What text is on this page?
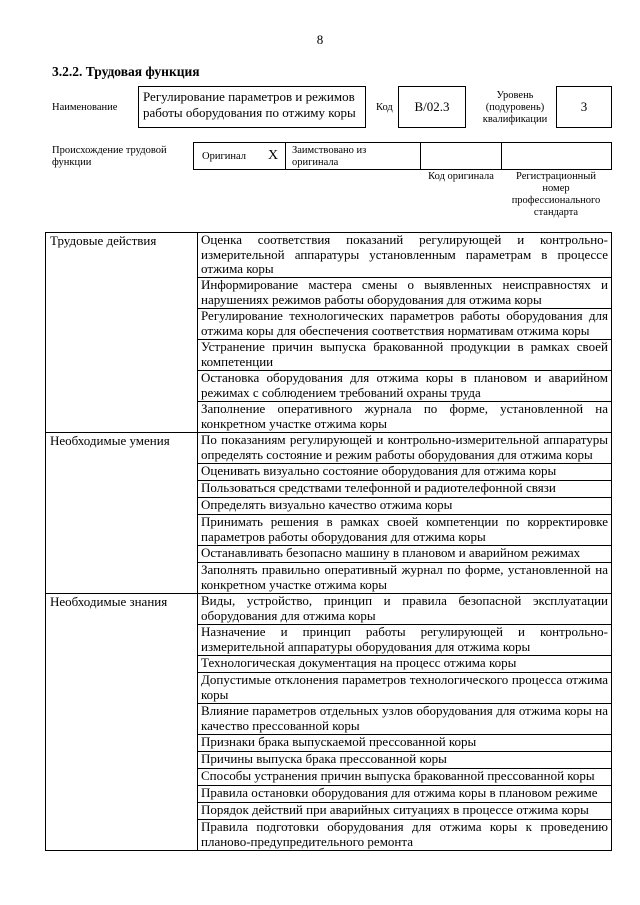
8
3.2.2. Трудовая функция
Наименование
Регулирование параметров и режимов работы оборудования по отжиму коры	Код В/02.3
Уровень (подуровень) квалификации
3
Происхождение трудовой функции
Оригинал X Заимствовано из оригинала
Код оригинала	Регистрационный номер профессионального стандарта
Трудовые действия	Оценка соответствия показаний регулирующей и контрольно-измерительной аппаратуры установленным параметрам в процессе отжима коры
	Информирование мастера смены о выявленных неисправностях и нарушениях режимов работы оборудования для отжима коры
	Регулирование технологических параметров работы оборудования для отжима коры для обеспечения соответствия нормативам отжима коры
	Устранение причин выпуска бракованной продукции в рамках своей компетенции
	Остановка оборудования для отжима коры в плановом и аварийном режимах с соблюдением требований охраны труда
	Заполнение оперативного журнала по форме, установленной на конкретном участке отжима коры
Необходимые умения	По показаниям регулирующей и контрольно-измерительной аппаратуры определять состояние и режим работы оборудования для отжима коры
	Оценивать визуально состояние оборудования для отжима коры
	Пользоваться средствами телефонной и радиотелефонной связи
	Определять визуально качество отжима коры
	Принимать решения в рамках своей компетенции по корректировке параметров работы оборудования для отжима коры
	Останавливать безопасно машину в плановом и аварийном режимах
	Заполнять правильно оперативный журнал по форме, установленной на конкретном участке отжима коры
Необходимые знания	Виды, устройство, принцип и правила безопасной эксплуатации оборудования для отжима коры
	Назначение и принцип работы регулирующей и контрольно-измерительной аппаратуры оборудования для отжима коры
	Технологическая документация на процесс отжима коры
	Допустимые отклонения параметров технологического процесса отжима коры
	Влияние параметров отдельных узлов оборудования для отжима коры на качество прессованной коры
	Признаки брака выпускаемой прессованной коры
	Причины выпуска брака прессованной коры
	Способы устранения причин выпуска бракованной прессованной коры
	Правила остановки оборудования для отжима коры в плановом режиме
	Порядок действий при аварийных ситуациях в процессе отжима коры
	Правила подготовки оборудования для отжима коры к проведению планово-предупредительного ремонта
